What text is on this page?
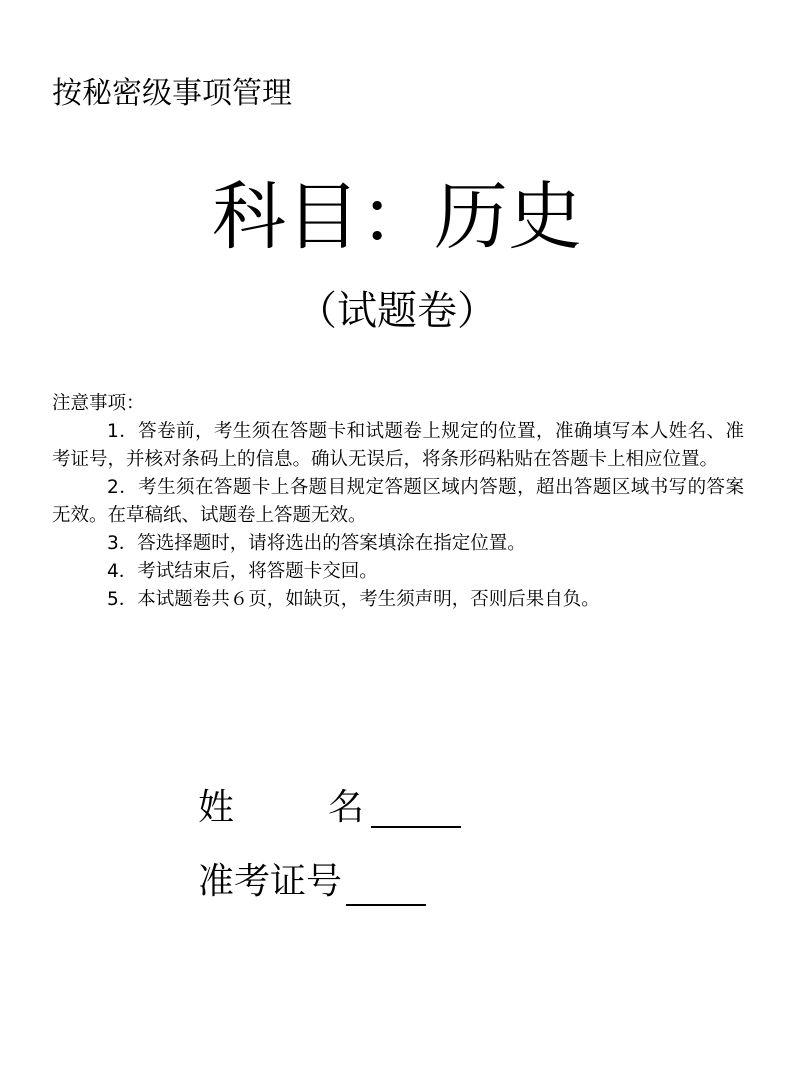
按秘密级事项管理
科目：历史
（试题卷）

注意事项：

1．答卷前，考生须在答题卡和试题卷上规定的位置，准确填写本人姓名、准考证号，并核对条码上的信息。确认无误后，将条形码粘贴在答题卡上相应位置。

2．考生须在答题卡上各题目规定答题区域内答题，超出答题区域书写的答案无效。在草稿纸、试题卷上答题无效。

3．答选择题时，请将选出的答案填涂在指定位置。

4．考试结束后，将答题卡交回。

5．本试题卷共６页，如缺页，考生须声明，否则后果自负。

姓	名
准考证号
